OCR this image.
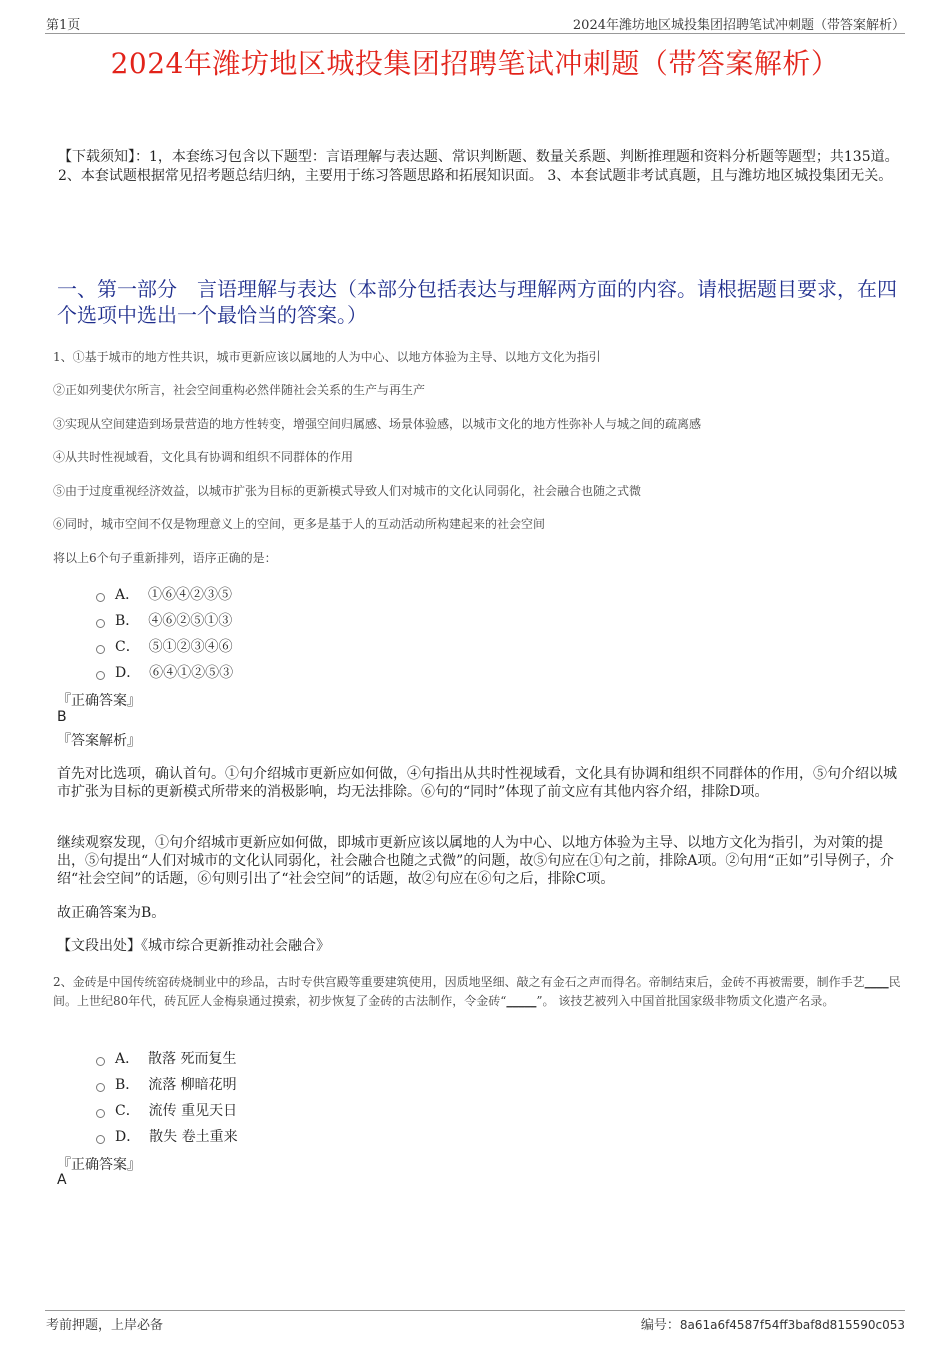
第1页	2024年潍坊地区城投集团招聘笔试冲刺题（带答案解析）
2024年潍坊地区城投集团招聘笔试冲刺题（带答案解析）
【下载须知】：1，本套练习包含以下题型：言语理解与表达题、常识判断题、数量关系题、判断推理题和资料分析题等题型；共135道。 2、本套试题根据常见招考题总结归纳，主要用于练习答题思路和拓展知识面。 3、本套试题非考试真题，且与潍坊地区城投集团无关。
一、第一部分　言语理解与表达（本部分包括表达与理解两方面的内容。请根据题目要求，在四个选项中选出一个最恰当的答案。）
1、①基于城市的地方性共识，城市更新应该以属地的人为中心、以地方体验为主导、以地方文化为指引
②正如列斐伏尔所言，社会空间重构必然伴随社会关系的生产与再生产
③实现从空间建造到场景营造的地方性转变，增强空间归属感、场景体验感，以城市文化的地方性弥补人与城之间的疏离感
④从共时性视域看，文化具有协调和组织不同群体的作用
⑤由于过度重视经济效益，以城市扩张为目标的更新模式导致人们对城市的文化认同弱化，社会融合也随之式微
⑥同时，城市空间不仅是物理意义上的空间，更多是基于人的互动活动所构建起来的社会空间
将以上6个句子重新排列，语序正确的是：
A． ①⑥④②③⑤
B． ④⑥②⑤①③
C． ⑤①②③④⑥
D． ⑥④①②⑤③
『正确答案』
B
『答案解析』
首先对比选项，确认首句。①句介绍城市更新应如何做，④句指出从共时性视域看，文化具有协调和组织不同群体的作用，⑤句介绍以城市扩张为目标的更新模式所带来的消极影响，均无法排除。⑥句的“同时”体现了前文应有其他内容介绍，排除D项。
继续观察发现，①句介绍城市更新应如何做，即城市更新应该以属地的人为中心、以地方体验为主导、以地方文化为指引，为对策的提出，⑤句提出“人们对城市的文化认同弱化，社会融合也随之式微”的问题，故⑤句应在①句之前，排除A项。②句用“正如”引导例子，介绍“社会空间”的话题，⑥句则引出了“社会空间”的话题，故②句应在⑥句之后，排除C项。
故正确答案为B。
【文段出处】《城市综合更新推动社会融合》
2、金砖是中国传统窑砖烧制业中的珍品，古时专供宫殿等重要建筑使用，因质地坚细、敲之有金石之声而得名。帝制结束后，金砖不再被需要，制作手艺____民间。上世纪80年代，砖瓦匠人金梅泉通过摸索，初步恢复了金砖的古法制作，令金砖“_____”。 该技艺被列入中国首批国家级非物质文化遗产名录。
A． 散落 死而复生
B． 流落 柳暗花明
C． 流传 重见天日
D． 散失 卷土重来
『正确答案』
A
考前押题，上岸必备	编号：8a61a6f4587f54ff3baf8d815590c053
